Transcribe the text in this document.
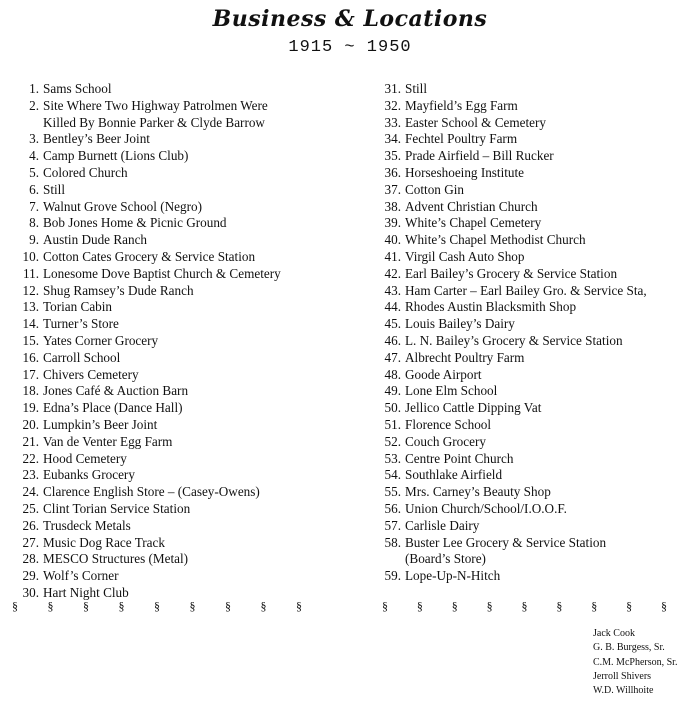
Business & Locations
1915 ~ 1950
1. Sams School
2. Site Where Two Highway Patrolmen Were
Killed By Bonnie Parker & Clyde Barrow
3. Bentley’s Beer Joint
4. Camp Burnett (Lions Club)
5. Colored Church
6. Still
7. Walnut Grove School (Negro)
8. Bob Jones Home & Picnic Ground
9. Austin Dude Ranch
10. Cotton Cates Grocery & Service Station
11. Lonesome Dove Baptist Church & Cemetery
12. Shug Ramsey’s Dude Ranch
13. Torian Cabin
14. Turner’s Store
15. Yates Corner Grocery
16. Carroll School
17. Chivers Cemetery
18. Jones Café & Auction Barn
19. Edna’s Place (Dance Hall)
20. Lumpkin’s Beer Joint
21. Van de Venter Egg Farm
22. Hood Cemetery
23. Eubanks Grocery
24. Clarence English Store – (Casey-Owens)
25. Clint Torian Service Station
26. Trusdeck Metals
27. Music Dog Race Track
28. MESCO Structures (Metal)
29. Wolf’s Corner
30. Hart Night Club
31. Still
32. Mayfield’s Egg Farm
33. Easter School & Cemetery
34. Fechtel Poultry Farm
35. Prade Airfield – Bill Rucker
36. Horseshoeing Institute
37. Cotton Gin
38. Advent Christian Church
39. White’s Chapel Cemetery
40. White’s Chapel Methodist Church
41. Virgil Cash Auto Shop
42. Earl Bailey’s Grocery & Service Station
43. Ham Carter – Earl Bailey Gro. & Service Sta,
44. Rhodes Austin Blacksmith Shop
45. Louis Bailey’s Dairy
46. L. N. Bailey’s Grocery & Service Station
47. Albrecht Poultry Farm
48. Goode Airport
49. Lone Elm School
50. Jellico Cattle Dipping Vat
51. Florence School
52. Couch Grocery
53. Centre Point Church
54. Southlake Airfield
55. Mrs. Carney’s Beauty Shop
56. Union Church/School/I.O.O.F.
57. Carlisle Dairy
58. Buster Lee Grocery & Service Station
(Board’s Store)
59. Lope-Up-N-Hitch
§ § § § § § § § §	§ § § § § § § § §
Jack Cook
G. B. Burgess, Sr.
C.M. McPherson, Sr.
Jerroll Shivers
W.D. Willhoite
